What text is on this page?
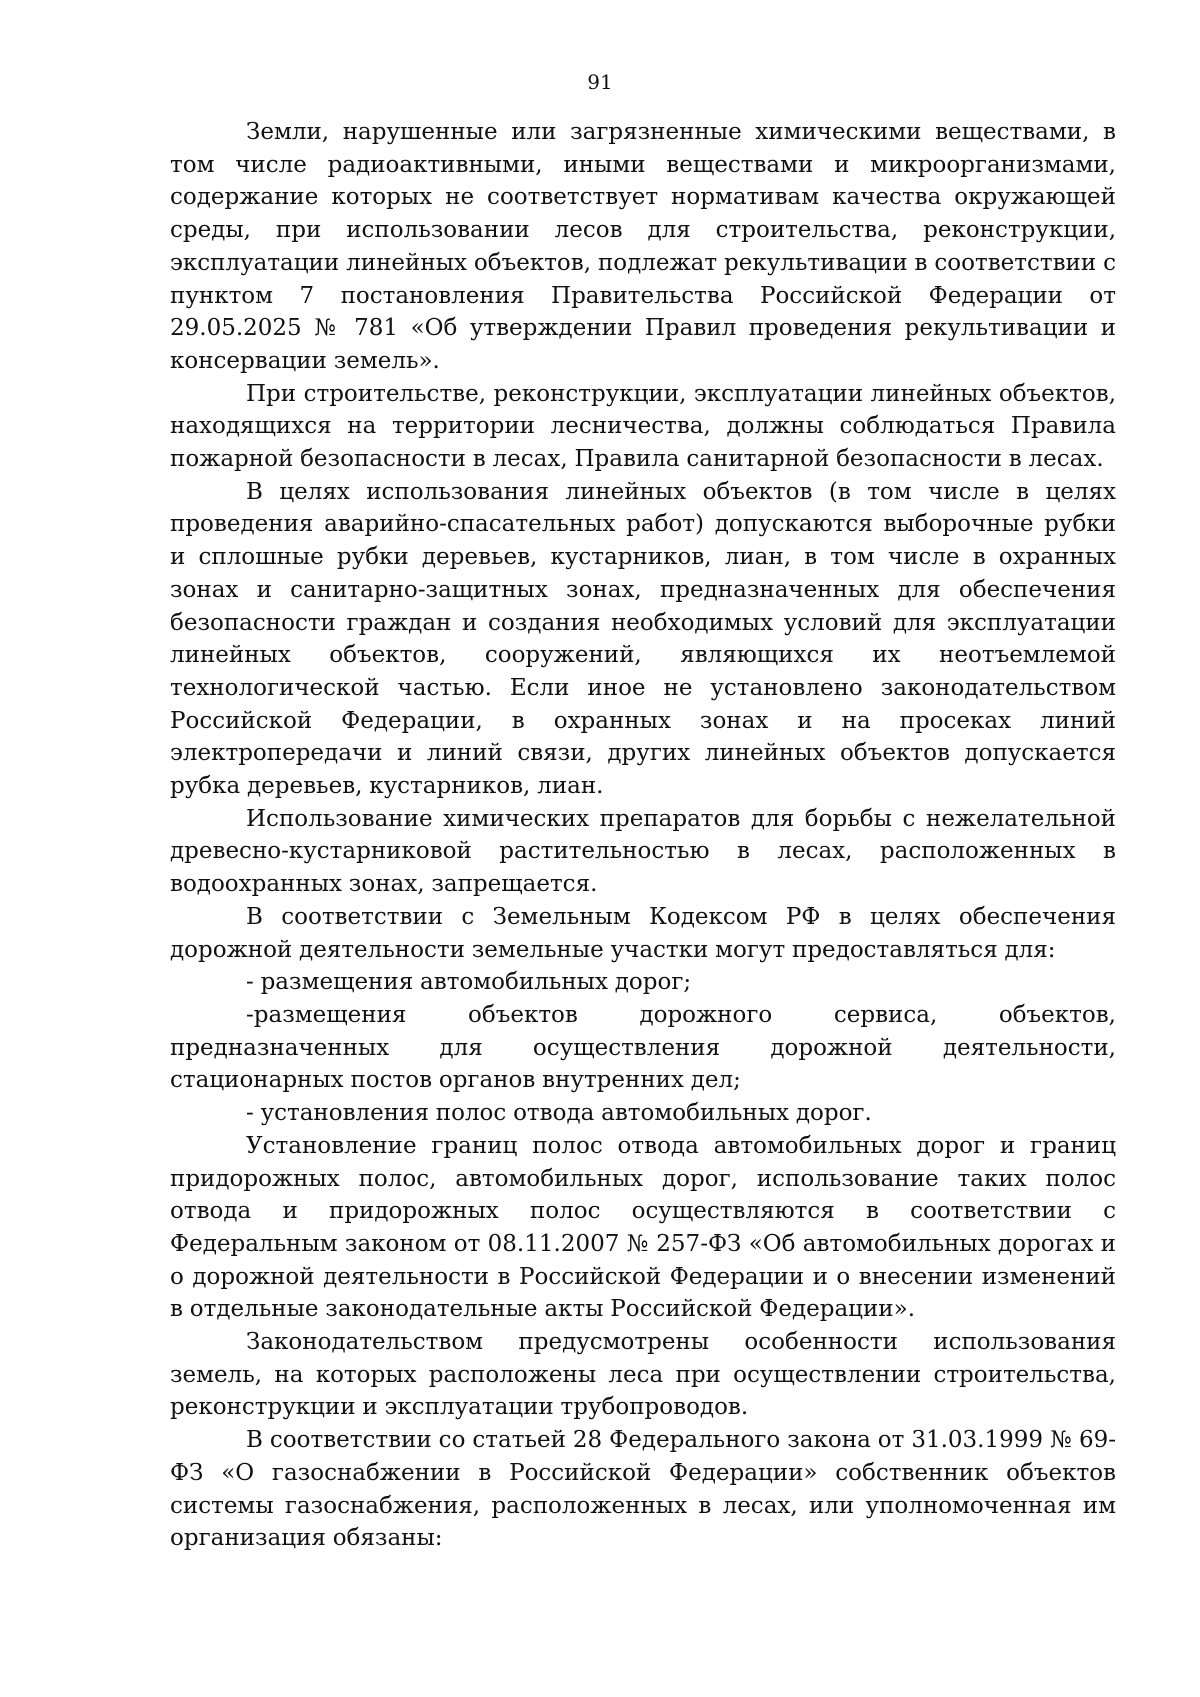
91

Земли, нарушенные или загрязненные химическими веществами, в том числе радиоактивными, иными веществами и микроорганизмами, содержание которых не соответствует нормативам качества окружающей среды, при использовании лесов для строительства, реконструкции, эксплуатации линейных объектов, подлежат рекультивации в соответствии с пунктом 7 постановления Правительства Российской Федерации от 29.05.2025 № 781 «Об утверждении Правил проведения рекультивации и консервации земель».

При строительстве, реконструкции, эксплуатации линейных объектов, находящихся на территории лесничества, должны соблюдаться Правила пожарной безопасности в лесах, Правила санитарной безопасности в лесах.

В целях использования линейных объектов (в том числе в целях проведения аварийно-спасательных работ) допускаются выборочные рубки и сплошные рубки деревьев, кустарников, лиан, в том числе в охранных зонах и санитарно-защитных зонах, предназначенных для обеспечения безопасности граждан и создания необходимых условий для эксплуатации линейных объектов, сооружений, являющихся их неотъемлемой технологической частью. Если иное не установлено законодательством Российской Федерации, в охранных зонах и на просеках линий электропередачи и линий связи, других линейных объектов допускается рубка деревьев, кустарников, лиан.

Использование химических препаратов для борьбы с нежелательной древесно-кустарниковой растительностью в лесах, расположенных в водоохранных зонах, запрещается.

В соответствии с Земельным Кодексом РФ в целях обеспечения дорожной деятельности земельные участки могут предоставляться для:

- размещения автомобильных дорог;

-размещения объектов дорожного сервиса, объектов, предназначенных для осуществления дорожной деятельности, стационарных постов органов внутренних дел;

- установления полос отвода автомобильных дорог.

Установление границ полос отвода автомобильных дорог и границ придорожных полос, автомобильных дорог, использование таких полос отвода и придорожных полос осуществляются в соответствии с Федеральным законом от 08.11.2007 № 257-ФЗ «Об автомобильных дорогах и о дорожной деятельности в Российской Федерации и о внесении изменений в отдельные законодательные акты Российской Федерации».

Законодательством предусмотрены особенности использования земель, на которых расположены леса при осуществлении строительства, реконструкции и эксплуатации трубопроводов.

В соответствии со статьей 28 Федерального закона от 31.03.1999 № 69-ФЗ «О газоснабжении в Российской Федерации» собственник объектов системы газоснабжения, расположенных в лесах, или уполномоченная им организация обязаны:
